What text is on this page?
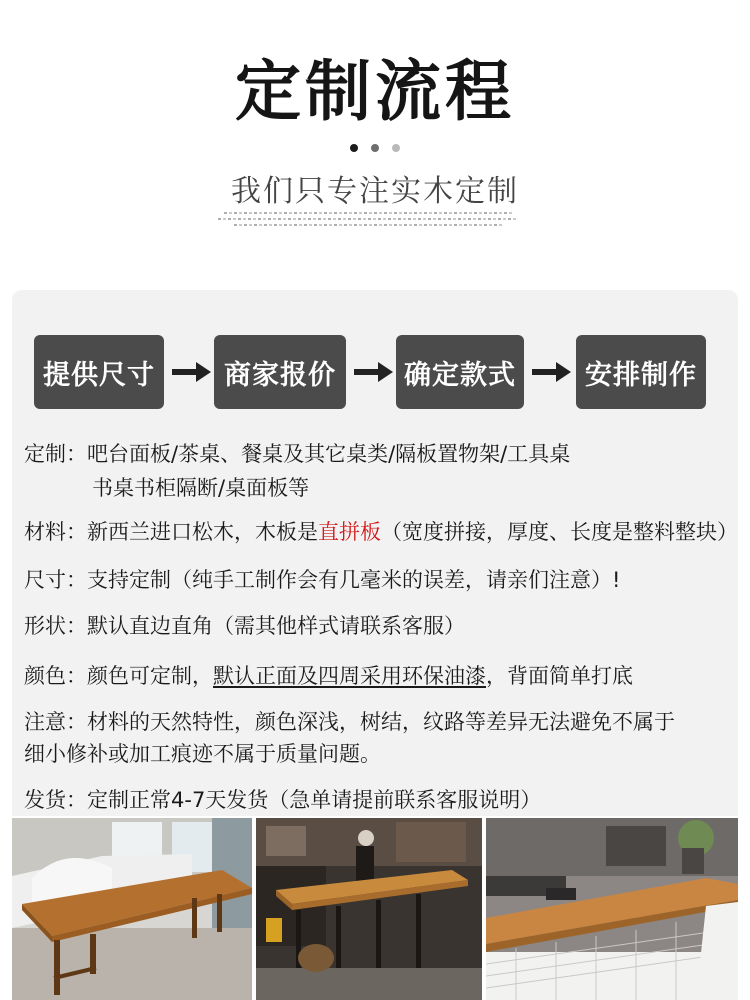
定制流程
我们只专注实木定制
提供尺寸	商家报价	确定款式	安排制作
定制：吧台面板/茶桌、餐桌及其它桌类/隔板置物架/工具桌
书桌书柜隔断/桌面板等
材料：新西兰进口松木，木板是直拼板（宽度拼接，厚度、长度是整料整块）
尺寸：支持定制（纯手工制作会有几毫米的误差，请亲们注意）!
形状：默认直边直角（需其他样式请联系客服）
颜色：颜色可定制，默认正面及四周采用环保油漆，背面简单打底
注意：材料的天然特性，颜色深浅，树结，纹路等差异无法避免不属于
细小修补或加工痕迹不属于质量问题。
发货：定制正常4-7天发货（急单请提前联系客服说明）
